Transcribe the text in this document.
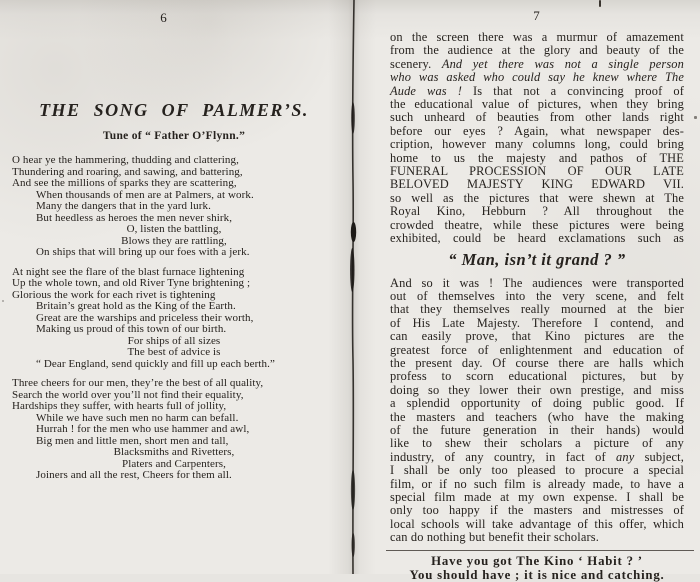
6
THE SONG OF PALMER’S.
Tune of “ Father O’Flynn.”
O hear ye the hammering, thudding and clattering,
Thundering and roaring, and sawing, and battering,
And see the millions of sparks they are scattering,
When thousands of men are at Palmers, at work.
Many the dangers that in the yard lurk.
But heedless as heroes the men never shirk,
O, listen the battling,
Blows they are rattling,
On ships that will bring up our foes with a jerk.
At night see the flare of the blast furnace lightening
Up the whole town, and old River Tyne brightening ;
Glorious the work for each rivet is tightening
Britain’s great hold as the King of the Earth.
Great are the warships and priceless their worth,
Making us proud of this town of our birth.
For ships of all sizes
The best of advice is
“ Dear England, send quickly and fill up each berth.”
Three cheers for our men, they’re the best of all quality,
Search the world over you’ll not find their equality,
Hardships they suffer, with hearts full of jollity,
While we have such men no harm can befall.
Hurrah ! for the men who use hammer and awl,
Big men and little men, short men and tall,
Blacksmiths and Rivetters,
Platers and Carpenters,
Joiners and all the rest, Cheers for them all.
7
on the screen there was a murmur of amazement
from the audience at the glory and beauty of the
scenery. And yet there was not a single person
who was asked who could say he knew where The
Aude was ! Is that not a convincing proof of
the educational value of pictures, when they bring
such unheard of beauties from other lands right
before our eyes ? Again, what newspaper des-
cription, however many columns long, could bring
home to us the majesty and pathos of THE
FUNERAL PROCESSION OF OUR LATE
BELOVED MAJESTY KING EDWARD VII.
so well as the pictures that were shewn at The
Royal Kino, Hebburn ? All throughout the
crowded theatre, while these pictures were being
exhibited, could be heard exclamations such as
“ Man, isn’t it grand ? ”
And so it was ! The audiences were transported
out of themselves into the very scene, and felt
that they themselves really mourned at the bier
of His Late Majesty. Therefore I contend, and
can easily prove, that Kino pictures are the
greatest force of enlightenment and education of
the present day. Of course there are halls which
profess to scorn educational pictures, but by
doing so they lower their own prestige, and miss
a splendid opportunity of doing public good. If
the masters and teachers (who have the making
of the future generation in their hands) would
like to shew their scholars a picture of any
industry, of any country, in fact of any subject,
I shall be only too pleased to procure a special
film, or if no such film is already made, to have a
special film made at my own expense. I shall be
only too happy if the masters and mistresses of
local schools will take advantage of this offer, which
can do nothing but benefit their scholars.
Have you got The Kino ‘ Habit ? ’
You should have ; it is nice and catching.
